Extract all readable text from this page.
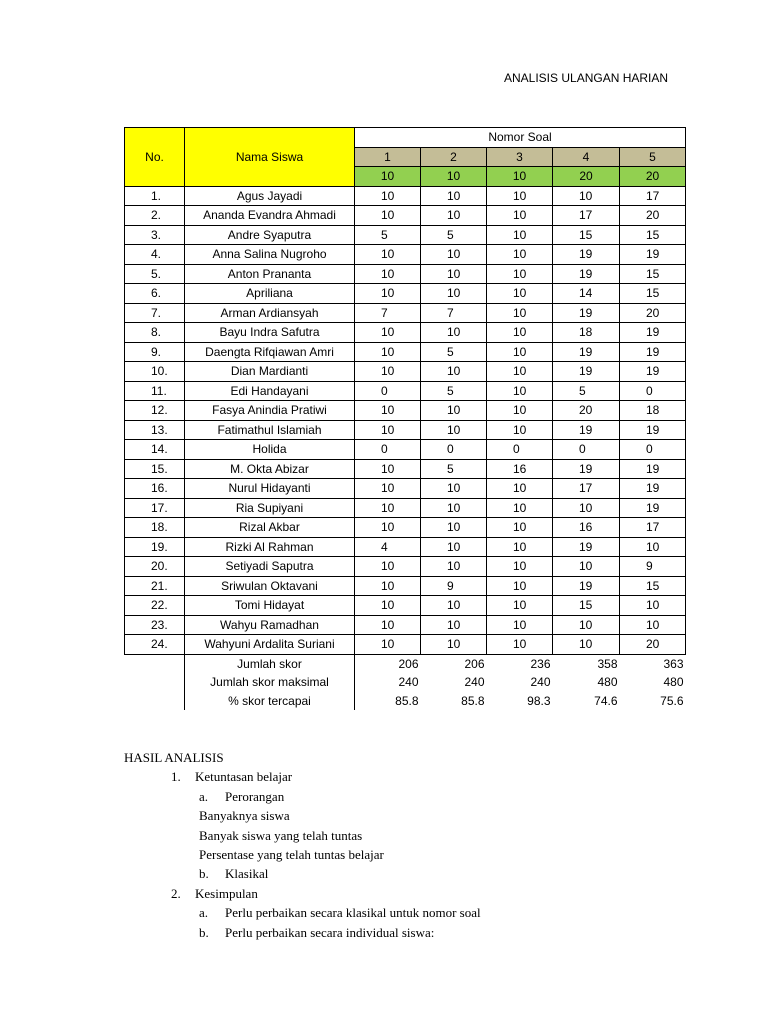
ANALISIS ULANGAN HARIAN
No.	Nama Siswa	Nomor Soal				
		1	2	3	4	5
		10	10	10	20	20
1.	Agus Jayadi	10	10	10	10	17
2.	Ananda Evandra Ahmadi	10	10	10	17	20
3.	Andre Syaputra	5	5	10	15	15
4.	Anna Salina Nugroho	10	10	10	19	19
5.	Anton Prananta	10	10	10	19	15
6.	Apriliana	10	10	10	14	15
7.	Arman Ardiansyah	7	7	10	19	20
8.	Bayu Indra Safutra	10	10	10	18	19
9.	Daengta Rifqiawan Amri	10	5	10	19	19
10.	Dian Mardianti	10	10	10	19	19
11.	Edi Handayani	0	5	10	5	0
12.	Fasya Anindia Pratiwi	10	10	10	20	18
13.	Fatimathul Islamiah	10	10	10	19	19
14.	Holida	0	0	0	0	0
15.	M. Okta Abizar	10	5	16	19	19
16.	Nurul Hidayanti	10	10	10	17	19
17.	Ria Supiyani	10	10	10	10	19
18.	Rizal Akbar	10	10	10	16	17
19.	Rizki Al Rahman	4	10	10	19	10
20.	Setiyadi Saputra	10	10	10	10	9
21.	Sriwulan Oktavani	10	9	10	19	15
22.	Tomi Hidayat	10	10	10	15	10
23.	Wahyu Ramadhan	10	10	10	10	10
24.	Wahyuni Ardalita Suriani	10	10	10	10	20
	Jumlah skor	206	206	236	358	363
	Jumlah skor maksimal	240	240	240	480	480
	% skor tercapai	85.8	85.8	98.3	74.6	75.6
HASIL ANALISIS
1. Ketuntasan belajar
a. Perorangan
Banyaknya siswa
Banyak siswa yang telah tuntas
Persentase yang telah tuntas belajar
b. Klasikal
2. Kesimpulan
a. Perlu perbaikan secara klasikal untuk nomor soal
b. Perlu perbaikan secara individual siswa:
